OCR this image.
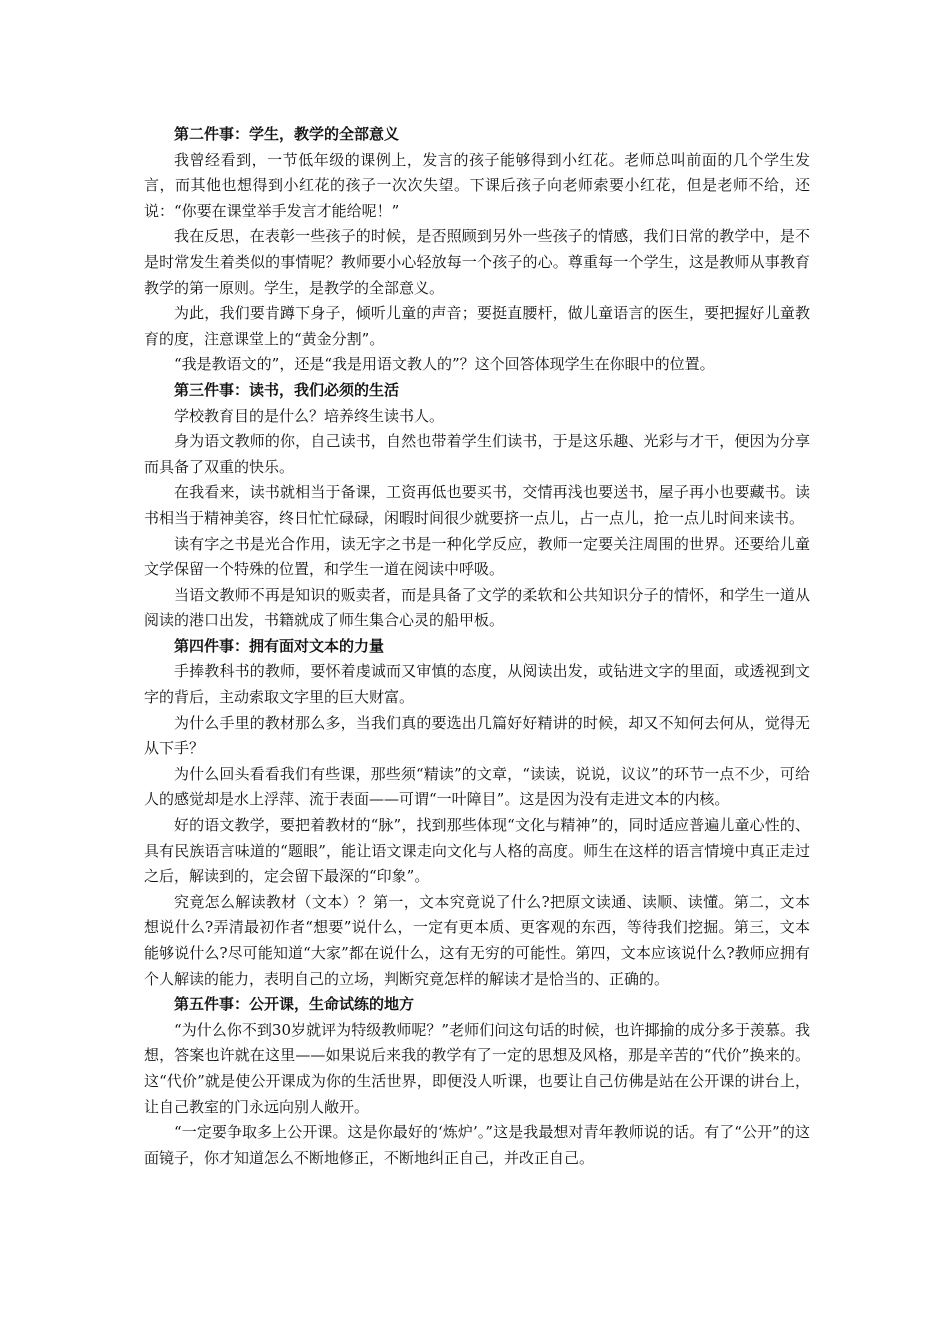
第二件事：学生，教学的全部意义

我曾经看到，一节低年级的课例上，发言的孩子能够得到小红花。老师总叫前面的几个学生发言，而其他也想得到小红花的孩子一次次失望。下课后孩子向老师索要小红花，但是老师不给，还说：“你要在课堂举手发言才能给呢！”

我在反思，在表彰一些孩子的时候，是否照顾到另外一些孩子的情感，我们日常的教学中，是不是时常发生着类似的事情呢？教师要小心轻放每一个孩子的心。尊重每一个学生，这是教师从事教育教学的第一原则。学生，是教学的全部意义。

为此，我们要肯蹲下身子，倾听儿童的声音；要挺直腰杆，做儿童语言的医生，要把握好儿童教育的度，注意课堂上的“黄金分割”。

“我是教语文的”，还是“我是用语文教人的”？这个回答体现学生在你眼中的位置。

第三件事：读书，我们必须的生活

学校教育目的是什么？培养终生读书人。

身为语文教师的你，自己读书，自然也带着学生们读书，于是这乐趣、光彩与才干，便因为分享而具备了双重的快乐。

在我看来，读书就相当于备课，工资再低也要买书，交情再浅也要送书，屋子再小也要藏书。读书相当于精神美容，终日忙忙碌碌，闲暇时间很少就要挤一点儿，占一点儿，抢一点儿时间来读书。

读有字之书是光合作用，读无字之书是一种化学反应，教师一定要关注周围的世界。还要给儿童文学保留一个特殊的位置，和学生一道在阅读中呼吸。

当语文教师不再是知识的贩卖者，而是具备了文学的柔软和公共知识分子的情怀，和学生一道从阅读的港口出发，书籍就成了师生集合心灵的船甲板。

第四件事：拥有面对文本的力量

手捧教科书的教师，要怀着虔诚而又审慎的态度，从阅读出发，或钻进文字的里面，或透视到文字的背后，主动索取文字里的巨大财富。

为什么手里的教材那么多，当我们真的要选出几篇好好精讲的时候，却又不知何去何从，觉得无从下手？

为什么回头看看我们有些课，那些须“精读”的文章，“读读，说说，议议”的环节一点不少，可给人的感觉却是水上浮萍、流于表面——可谓“一叶障目”。这是因为没有走进文本的内核。

好的语文教学，要把着教材的“脉”，找到那些体现“文化与精神”的，同时适应普遍儿童心性的、具有民族语言味道的“题眼”，能让语文课走向文化与人格的高度。师生在这样的语言情境中真正走过之后，解读到的，定会留下最深的“印象”。

究竟怎么解读教材（文本）？第一，文本究竟说了什么?把原文读通、读顺、读懂。第二，文本想说什么?弄清最初作者“想要”说什么，一定有更本质、更客观的东西，等待我们挖掘。第三，文本能够说什么?尽可能知道“大家”都在说什么，这有无穷的可能性。第四，文本应该说什么?教师应拥有个人解读的能力，表明自己的立场，判断究竟怎样的解读才是恰当的、正确的。

第五件事：公开课，生命试练的地方

“为什么你不到30岁就评为特级教师呢？”老师们问这句话的时候，也许揶揄的成分多于羡慕。我想，答案也许就在这里——如果说后来我的教学有了一定的思想及风格，那是辛苦的“代价”换来的。这“代价”就是使公开课成为你的生活世界，即便没人听课，也要让自己仿佛是站在公开课的讲台上，让自己教室的门永远向别人敞开。

“一定要争取多上公开课。这是你最好的‘炼炉’。”这是我最想对青年教师说的话。有了“公开”的这面镜子，你才知道怎么不断地修正，不断地纠正自己，并改正自己。
